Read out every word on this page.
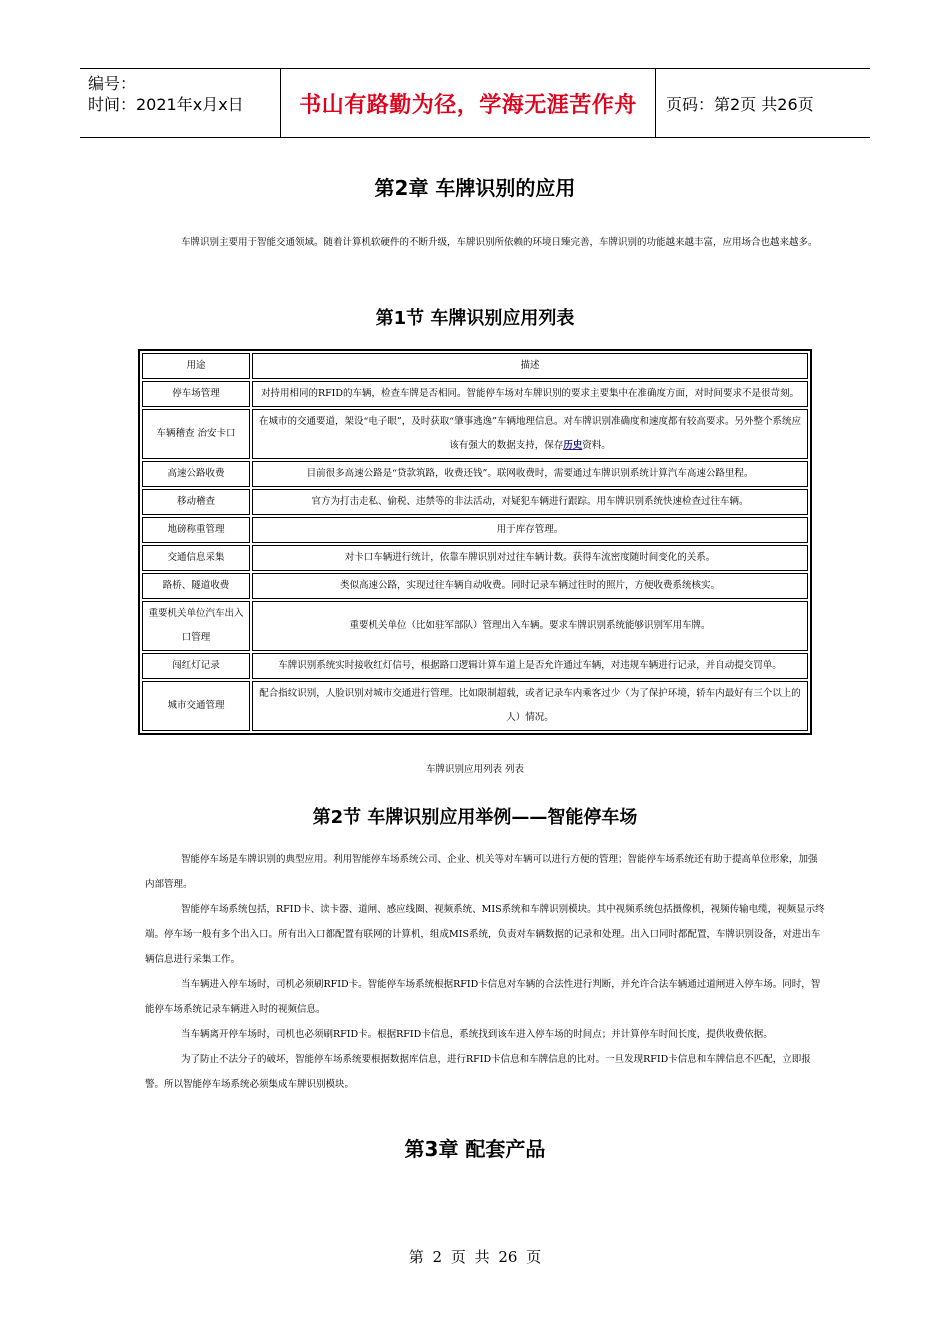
编号：
时间：2021年x月x日	书山有路勤为径，学海无涯苦作舟	页码：第2页 共26页
第2章 车牌识别的应用

车牌识别主要用于智能交通领域。随着计算机软硬件的不断升级，车牌识别所依赖的环境日臻完善，车牌识别的功能越来越丰富，应用场合也越来越多。

第1节 车牌识别应用列表
用途	描述
停车场管理	对持用相同的RFID的车辆，检查车牌是否相同。智能停车场对车牌识别的要求主要集中在准确度方面，对时间要求不是很苛刻。
车辆稽查 治安卡口	在城市的交通要道，架设“电子眼”，及时获取“肇事逃逸”车辆地理信息。对车牌识别准确度和速度都有较高要求。另外整个系统应该有强大的数据支持，保存历史资料。
高速公路收费	目前很多高速公路是“贷款筑路，收费还钱”。联网收费时，需要通过车牌识别系统计算汽车高速公路里程。
移动稽查	官方为打击走私、偷税、违禁等的非法活动，对疑犯车辆进行跟踪。用车牌识别系统快速检查过往车辆。
地磅称重管理	用于库存管理。
交通信息采集	对卡口车辆进行统计，依靠车牌识别对过往车辆计数。获得车流密度随时间变化的关系。
路桥、隧道收费	类似高速公路，实现过往车辆自动收费。同时记录车辆过往时的照片，方便收费系统核实。
重要机关单位汽车出入口管理	重要机关单位（比如驻军部队）管理出入车辆。要求车牌识别系统能够识别军用车牌。
闯红灯记录	车牌识别系统实时接收红灯信号，根据路口逻辑计算车道上是否允许通过车辆，对违规车辆进行记录，并自动提交罚单。
城市交通管理	配合指纹识别，人脸识别对城市交通进行管理。比如限制超载，或者记录车内乘客过少（为了保护环境，轿车内最好有三个以上的人）情况。
车牌识别应用列表 列表
第2节 车牌识别应用举例——智能停车场

智能停车场是车牌识别的典型应用。利用智能停车场系统公司、企业、机关等对车辆可以进行方便的管理；智能停车场系统还有助于提高单位形象，加强内部管理。

智能停车场系统包括，RFID卡、读卡器、道闸、感应线圈、视频系统、MIS系统和车牌识别模块。其中视频系统包括摄像机，视频传输电缆，视频显示终端。停车场一般有多个出入口。所有出入口都配置有联网的计算机，组成MIS系统，负责对车辆数据的记录和处理。出入口同时都配置，车牌识别设备，对进出车辆信息进行采集工作。

当车辆进入停车场时，司机必须刷RFID卡。智能停车场系统根据RFID卡信息对车辆的合法性进行判断，并允许合法车辆通过道闸进入停车场。同时，智能停车场系统记录车辆进入时的视频信息。

当车辆离开停车场时，司机也必须刷RFID卡。根据RFID卡信息，系统找到该车进入停车场的时间点；并计算停车时间长度，提供收费依据。

为了防止不法分子的破坏，智能停车场系统要根据数据库信息，进行RFID卡信息和车牌信息的比对。一旦发现RFID卡信息和车牌信息不匹配，立即报警。所以智能停车场系统必须集成车牌识别模块。

第3章 配套产品
第 2 页 共 26 页
